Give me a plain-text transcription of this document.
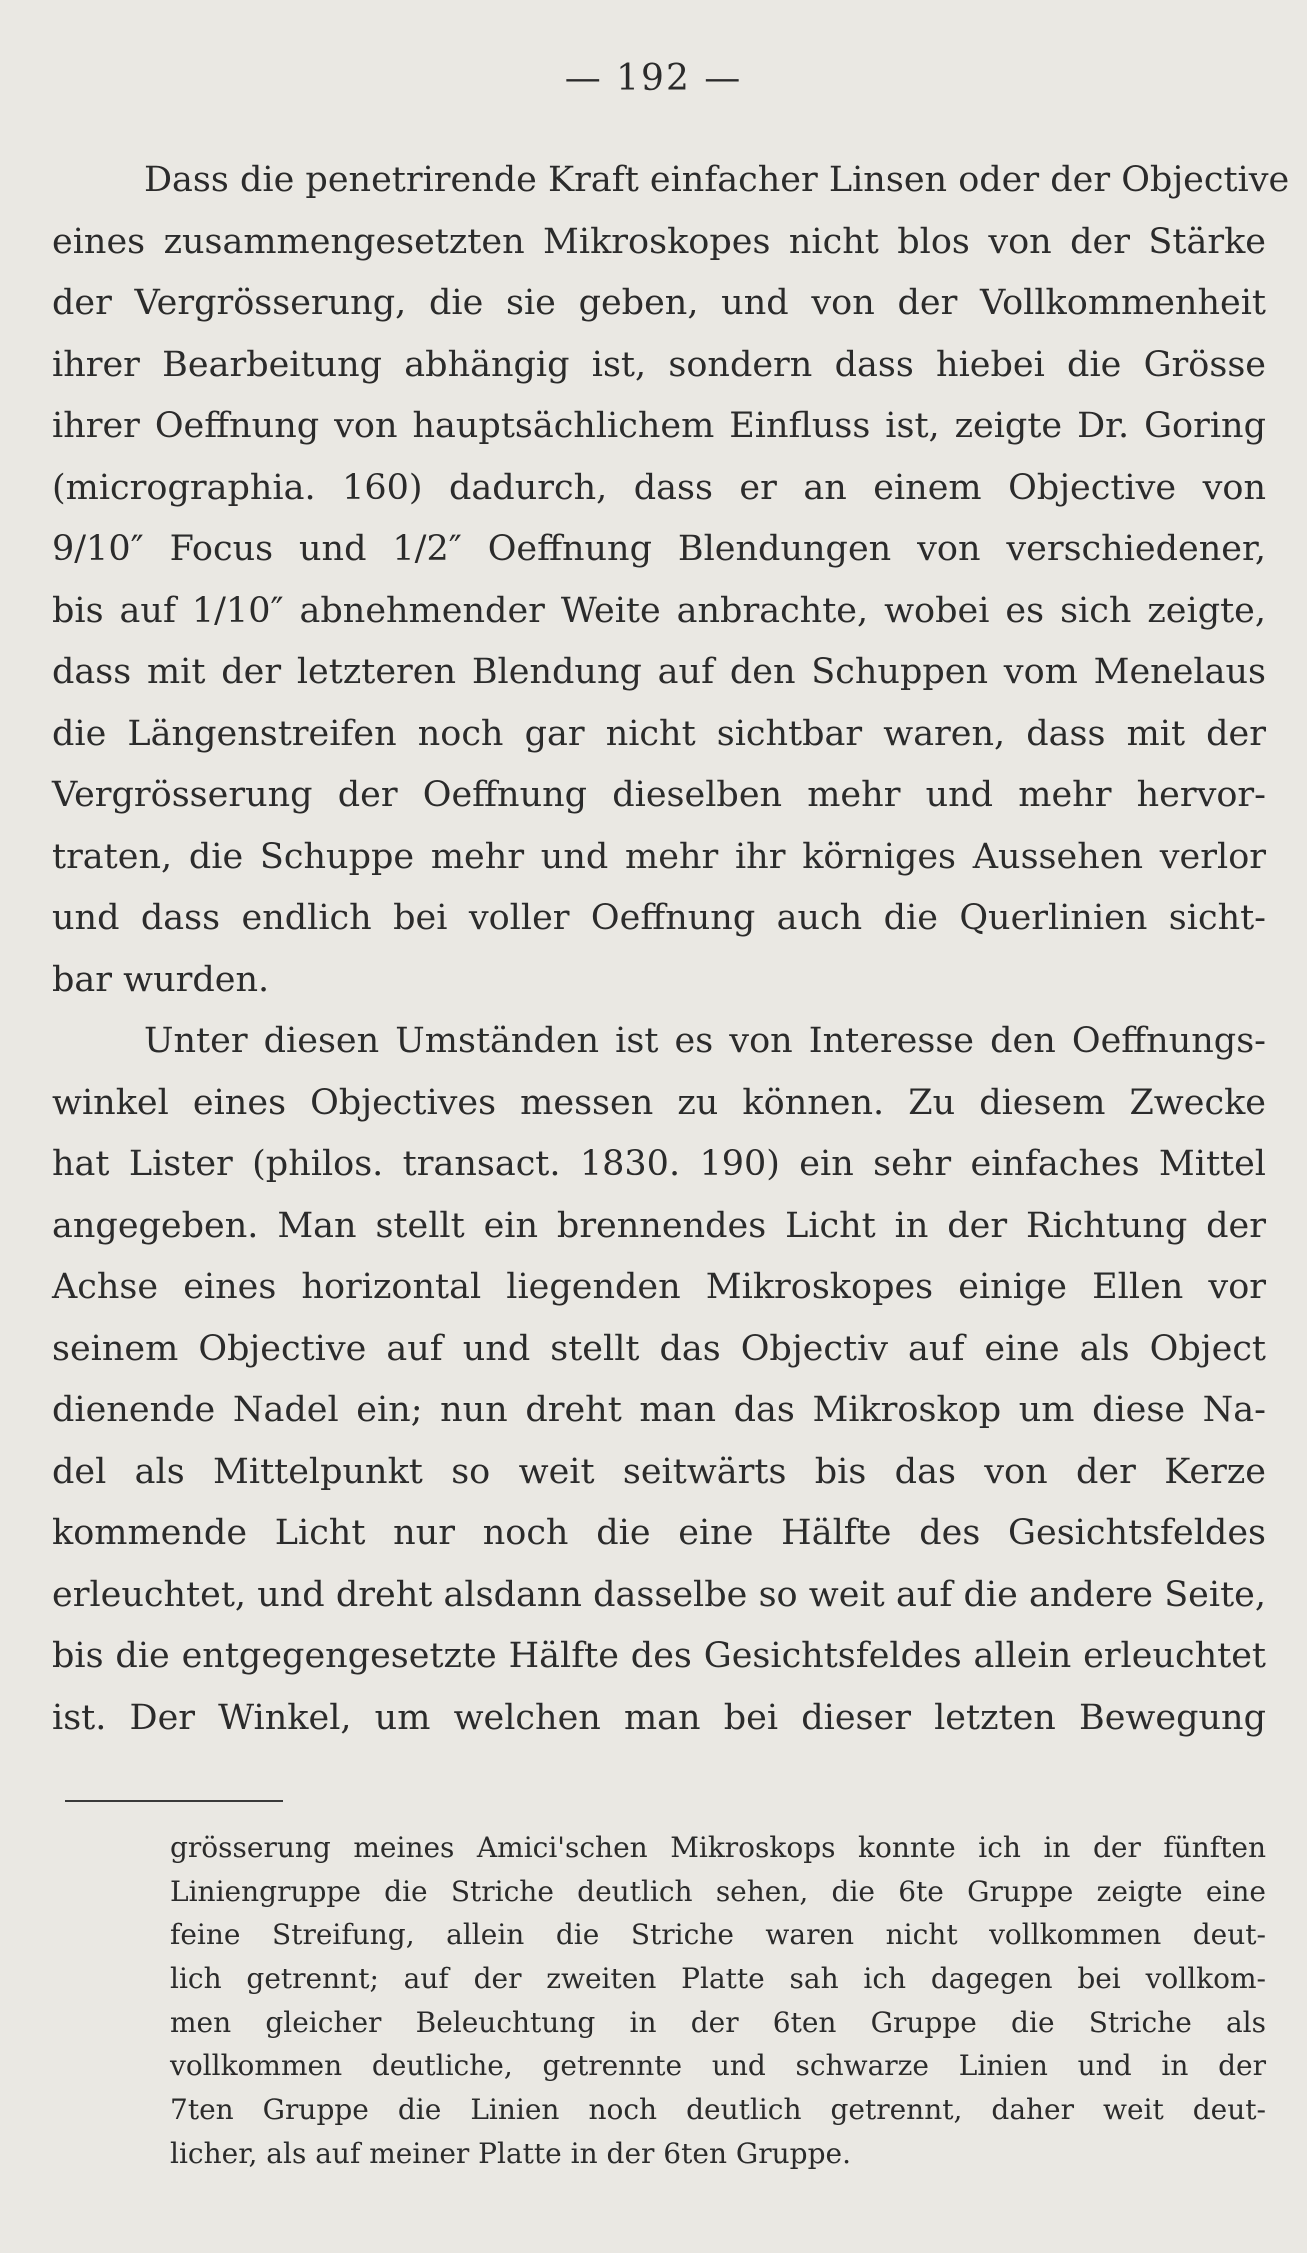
— 192 —
Dass die penetrirende Kraft einfacher Linsen oder der Objective
eines zusammengesetzten Mikroskopes nicht blos von der Stärke
der Vergrösserung, die sie geben, und von der Vollkommenheit
ihrer Bearbeitung abhängig ist, sondern dass hiebei die Grösse
ihrer Oeffnung von hauptsächlichem Einfluss ist, zeigte Dr. Goring
(micrographia. 160) dadurch, dass er an einem Objective von
9/10″ Focus und 1/2″ Oeffnung Blendungen von verschiedener,
bis auf 1/10″ abnehmender Weite anbrachte, wobei es sich zeigte,
dass mit der letzteren Blendung auf den Schuppen vom Menelaus
die Längenstreifen noch gar nicht sichtbar waren, dass mit der
Vergrösserung der Oeffnung dieselben mehr und mehr hervor-
traten, die Schuppe mehr und mehr ihr körniges Aussehen verlor
und dass endlich bei voller Oeffnung auch die Querlinien sicht-
bar wurden.
Unter diesen Umständen ist es von Interesse den Oeffnungs-
winkel eines Objectives messen zu können. Zu diesem Zwecke
hat Lister (philos. transact. 1830. 190) ein sehr einfaches Mittel
angegeben. Man stellt ein brennendes Licht in der Richtung der
Achse eines horizontal liegenden Mikroskopes einige Ellen vor
seinem Objective auf und stellt das Objectiv auf eine als Object
dienende Nadel ein; nun dreht man das Mikroskop um diese Na-
del als Mittelpunkt so weit seitwärts bis das von der Kerze
kommende Licht nur noch die eine Hälfte des Gesichtsfeldes
erleuchtet, und dreht alsdann dasselbe so weit auf die andere Seite,
bis die entgegengesetzte Hälfte des Gesichtsfeldes allein erleuchtet
ist. Der Winkel, um welchen man bei dieser letzten Bewegung
grösserung meines Amici'schen Mikroskops konnte ich in der fünften
Liniengruppe die Striche deutlich sehen, die 6te Gruppe zeigte eine
feine Streifung, allein die Striche waren nicht vollkommen deut-
lich getrennt; auf der zweiten Platte sah ich dagegen bei vollkom-
men gleicher Beleuchtung in der 6ten Gruppe die Striche als
vollkommen deutliche, getrennte und schwarze Linien und in der
7ten Gruppe die Linien noch deutlich getrennt, daher weit deut-
licher, als auf meiner Platte in der 6ten Gruppe.
